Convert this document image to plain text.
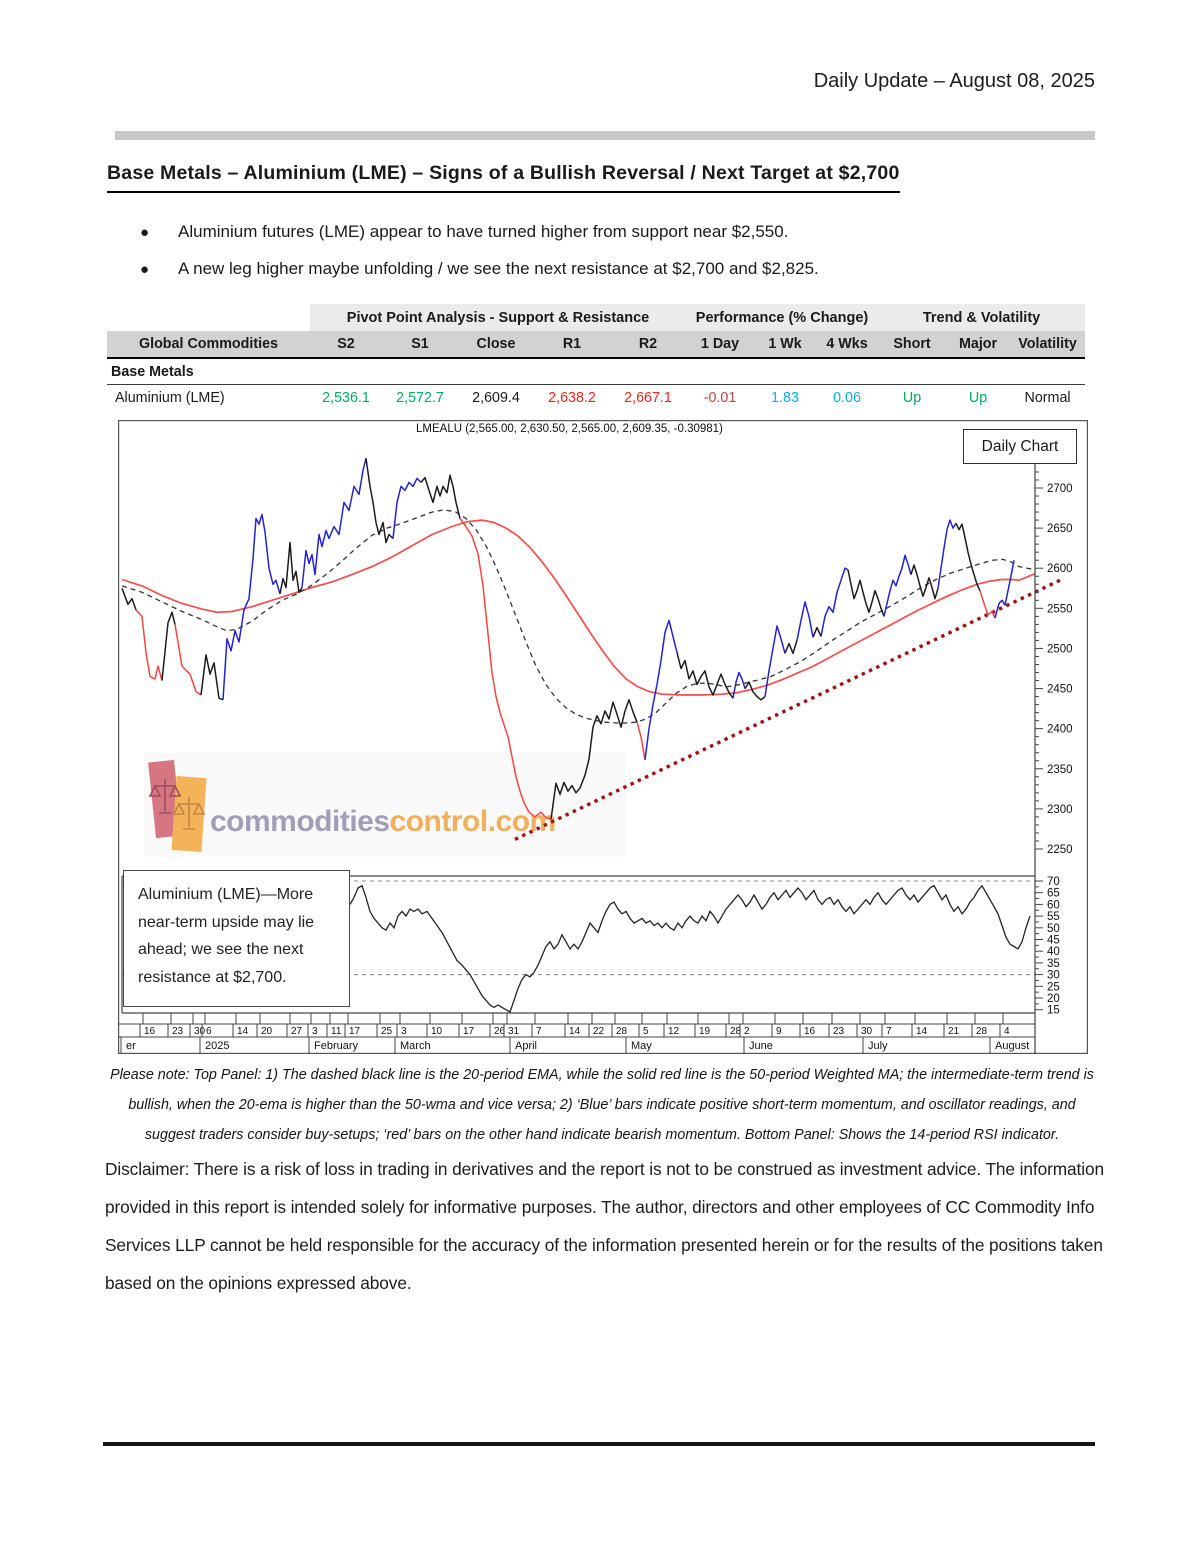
Daily Update – August 08, 2025
Base Metals – Aluminium (LME) – Signs of a Bullish Reversal / Next Target at $2,700
●	Aluminium futures (LME) appear to have turned higher from support near $2,550.
●	A new leg higher maybe unfolding / we see the next resistance at $2,700 and $2,825.
	Pivot Point Analysis - Support & Resistance					Performance (% Change)			Trend & Volatility		
Global Commodities	S2	S1	Close	R1	R2	1 Day	1 Wk	4 Wks	Short	Major	Volatility
Base Metals											
Aluminium (LME)	2,536.1	2,572.7	2,609.4	2,638.2	2,667.1	-0.01	1.83	0.06	Up	Up	Normal
commoditiescontrol.com
2700
2650
2600
2550
2500
2450
2400
2350
2300
2250
70
65
60
55
50
45
40
35
30
25
20
15
16 23 30 6	14 20 27 3 11 17 25 3 10 17 26 31 7	14 22 28 5 12 19 28 2	9 16 23 30 7 14 21 28 4
er	2025	February	March	April	May	June	July	August
LMEALU (2,565.00, 2,630.50, 2,565.00, 2,609.35, -0.30981)
Daily Chart
Aluminium (LME)—More
near-term upside may lie
ahead; we see the next
resistance at $2,700.
Please note: Top Panel: 1) The dashed black line is the 20-period EMA, while the solid red line is the 50-period Weighted MA; the intermediate-term trend is bullish, when the 20-ema is higher than the 50-wma and vice versa; 2) ‘Blue’ bars indicate positive short-term momentum, and oscillator readings, and suggest traders consider buy-setups; ‘red’ bars on the other hand indicate bearish momentum. Bottom Panel: Shows the 14-period RSI indicator.
Disclaimer: There is a risk of loss in trading in derivatives and the report is not to be construed as investment advice. The information provided in this report is intended solely for informative purposes. The author, directors and other employees of CC Commodity Info Services LLP cannot be held responsible for the accuracy of the information presented herein or for the results of the positions taken based on the opinions expressed above.
